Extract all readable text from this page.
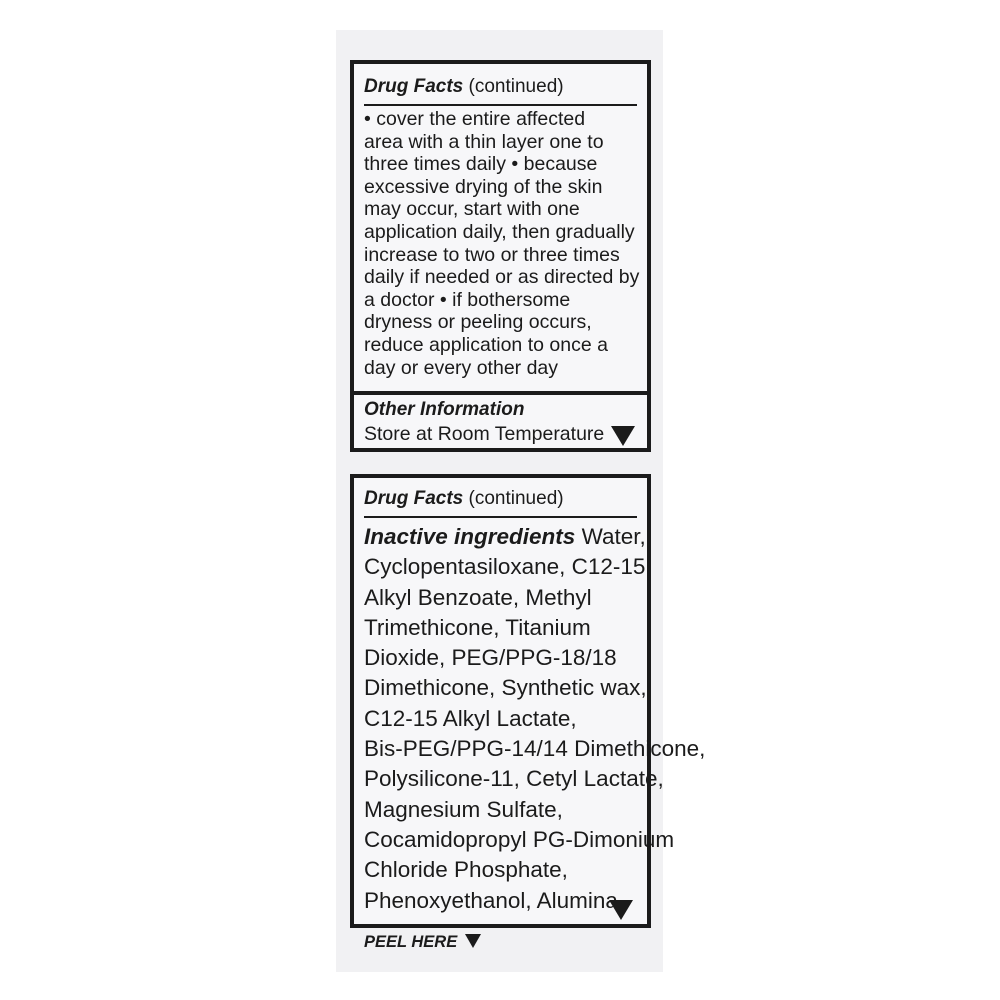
Drug Facts (continued)
• cover the entire affected
area with a thin layer one to
three times daily • because
excessive drying of the skin
may occur, start with one
application daily, then gradually
increase to two or three times
daily if needed or as directed by
a doctor • if bothersome
dryness or peeling occurs,
reduce application to once a
day or every other day
Other Information
Store at Room Temperature
Drug Facts (continued)
Inactive ingredients Water,
Cyclopentasiloxane, C12-15
Alkyl Benzoate, Methyl
Trimethicone, Titanium
Dioxide, PEG/PPG-18/18
Dimethicone, Synthetic wax,
C12-15 Alkyl Lactate,
Bis-PEG/PPG-14/14 Dimethicone,
Polysilicone-11, Cetyl Lactate,
Magnesium Sulfate,
Cocamidopropyl PG-Dimonium
Chloride Phosphate,
Phenoxyethanol, Alumina,
PEEL HERE
